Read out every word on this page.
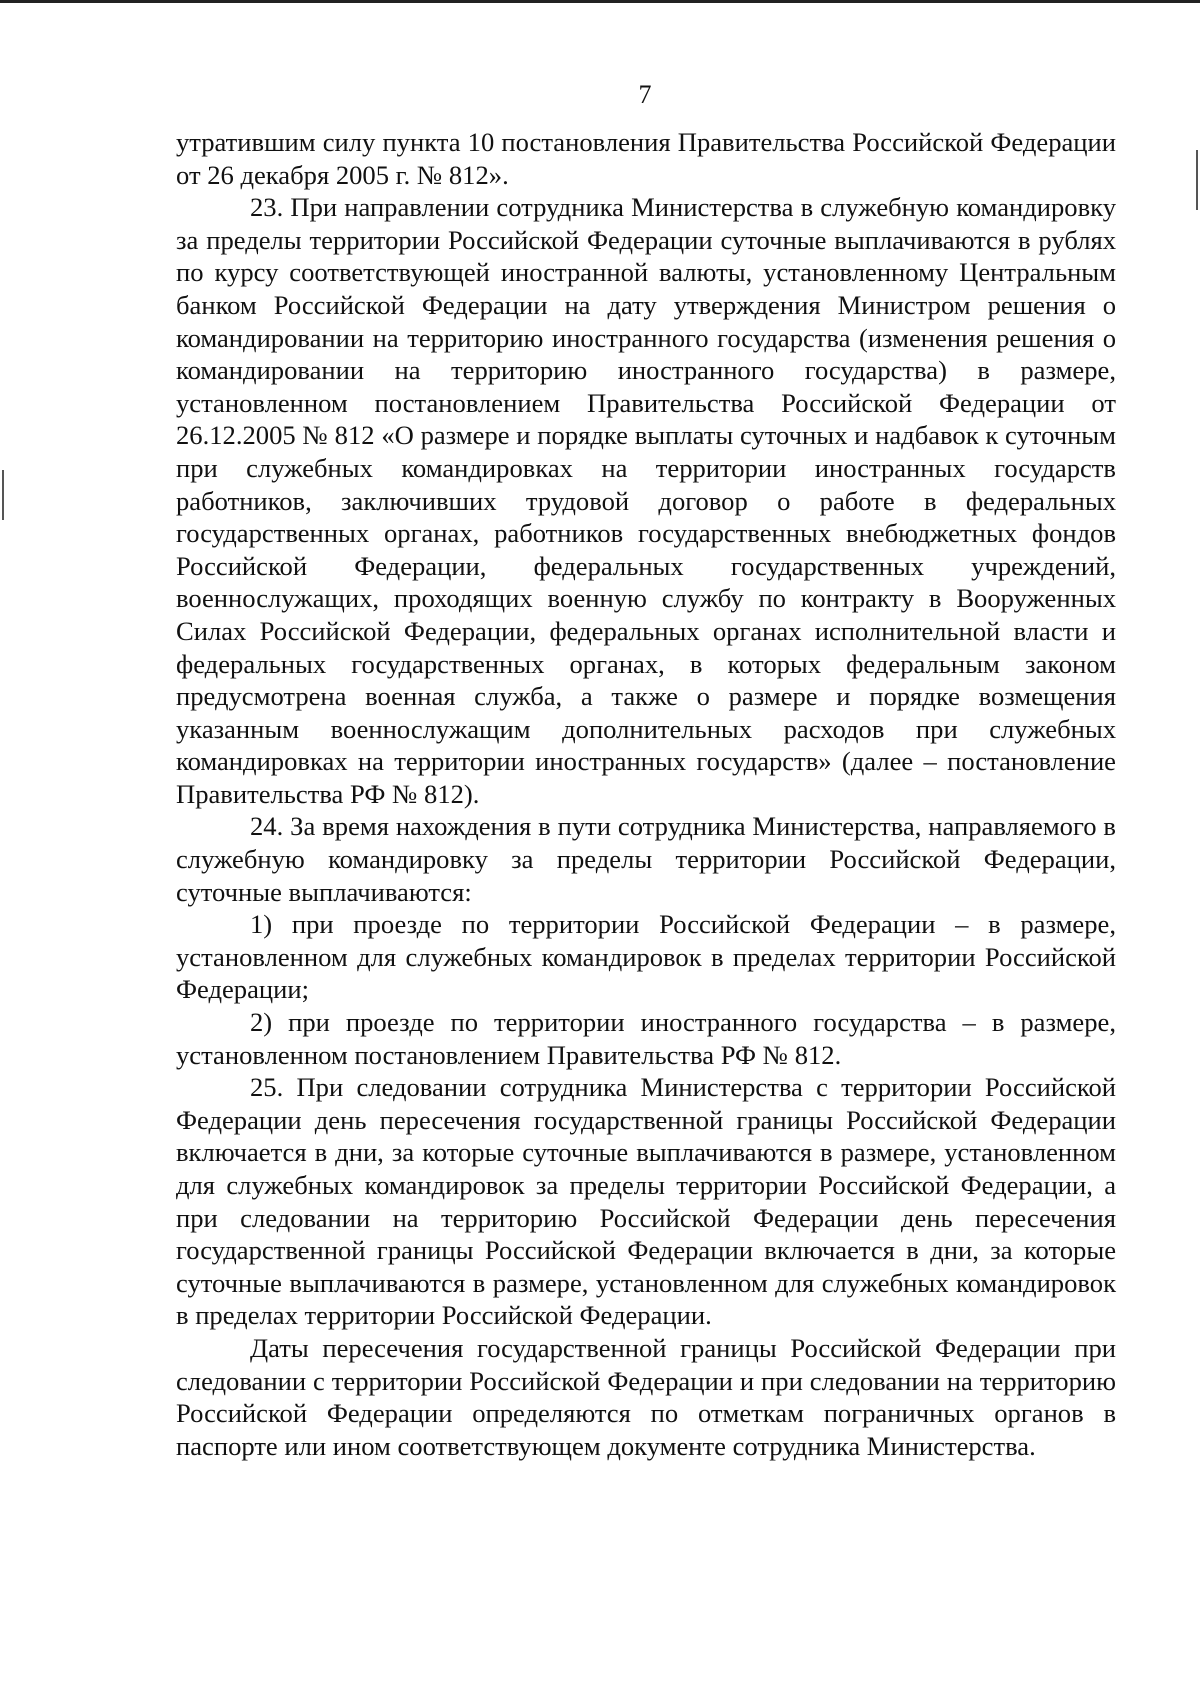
7

утратившим силу пункта 10 постановления Правительства Российской Федерации от 26 декабря 2005 г. № 812».

23. При направлении сотрудника Министерства в служебную командировку за пределы территории Российской Федерации суточные выплачиваются в рублях по курсу соответствующей иностранной валюты, установленному Центральным банком Российской Федерации на дату утверждения Министром решения о командировании на территорию иностранного государства (изменения решения о командировании на территорию иностранного государства) в размере, установленном постановлением Правительства Российской Федерации от 26.12.2005 № 812 «О размере и порядке выплаты суточных и надбавок к суточным при служебных командировках на территории иностранных государств работников, заключивших трудовой договор о работе в федеральных государственных органах, работников государственных внебюджетных фондов Российской Федерации, федеральных государственных учреждений, военнослужащих, проходящих военную службу по контракту в Вооруженных Силах Российской Федерации, федеральных органах исполнительной власти и федеральных государственных органах, в которых федеральным законом предусмотрена военная служба, а также о размере и порядке возмещения указанным военнослужащим дополнительных расходов при служебных командировках на территории иностранных государств» (далее – постановление Правительства РФ № 812).

24. За время нахождения в пути сотрудника Министерства, направляемого в служебную командировку за пределы территории Российской Федерации, суточные выплачиваются:

1) при проезде по территории Российской Федерации – в размере, установленном для служебных командировок в пределах территории Российской Федерации;

2) при проезде по территории иностранного государства – в размере, установленном постановлением Правительства РФ № 812.

25. При следовании сотрудника Министерства с территории Российской Федерации день пересечения государственной границы Российской Федерации включается в дни, за которые суточные выплачиваются в размере, установленном для служебных командировок за пределы территории Российской Федерации, а при следовании на территорию Российской Федерации день пересечения государственной границы Российской Федерации включается в дни, за которые суточные выплачиваются в размере, установленном для служебных командировок в пределах территории Российской Федерации.

Даты пересечения государственной границы Российской Федерации при следовании с территории Российской Федерации и при следовании на территорию Российской Федерации определяются по отметкам пограничных органов в паспорте или ином соответствующем документе сотрудника Министерства.
